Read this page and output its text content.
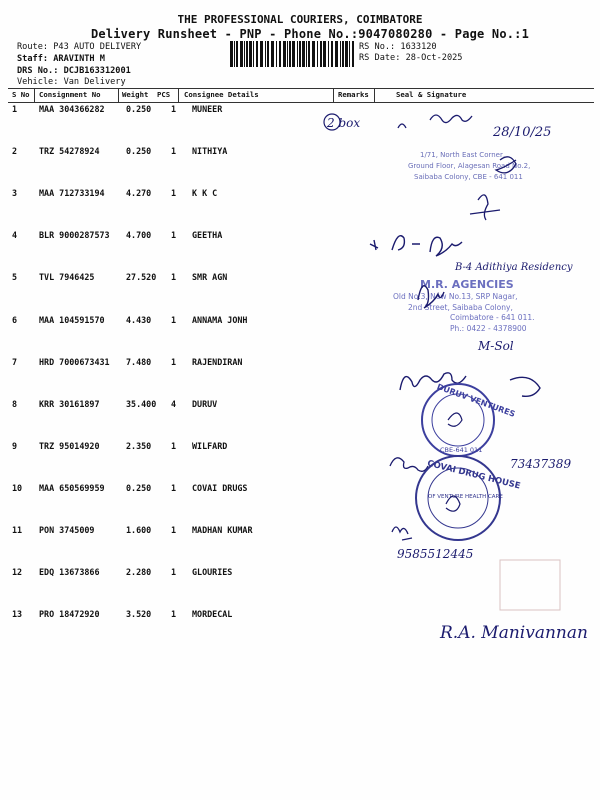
THE PROFESSIONAL COURIERS, COIMBATORE
Delivery Runsheet - PNP - Phone No.:9047080280 - Page No.:1
Route: P43 AUTO DELIVERY
Staff: ARAVINTH M
DRS No.: DCJB163312001
Vehicle: Van Delivery
RS No.: 1633120
RS Date: 28-Oct-2025
S No Consignment No	Weight PCS Consignee Details	Remarks	Seal & Signature
1	MAA 304366282	0.250 1 MUNEER
2	TRZ 54278924	0.250 1 NITHIYA
3	MAA 712733194	4.270 1 K K C
4	BLR 9000287573 4.700 1 GEETHA
5	TVL 7946425	27.520 1 SMR AGN
6	MAA 104591570	4.430 1 ANNAMA JONH
7	HRD 7000673431 7.480 1 RAJENDIRAN
8	KRR 30161897	35.400 4 DURUV
9	TRZ 95014920	2.350 1 WILFARD
10 MAA 650569959	0.250 1 COVAI DRUGS
11 PON 3745009	1.600 1 MADHAN KUMAR
12 EDQ 13673866	2.280 1 GLOURIES
13 PRO 18472920	3.520 1 MORDECAL
2 box
28/10/25
1/71, North East Corner,
Ground Floor, Alagesan Road No.2,
Saibaba Colony, CBE - 641 011
B-4 Adithiya Residency
M.R. AGENCIES
Old No.3, New No.13, SRP Nagar,
2nd Street, Saibaba Colony,
Coimbatore - 641 011.
Ph.: 0422 - 4378900
M-Sol
DURUV VENTURES
CBE-641 011
73437389
COVAI DRUG HOUSE
OF VENTURE HEALTH CARE
9585512445
R.A. Manivannan
